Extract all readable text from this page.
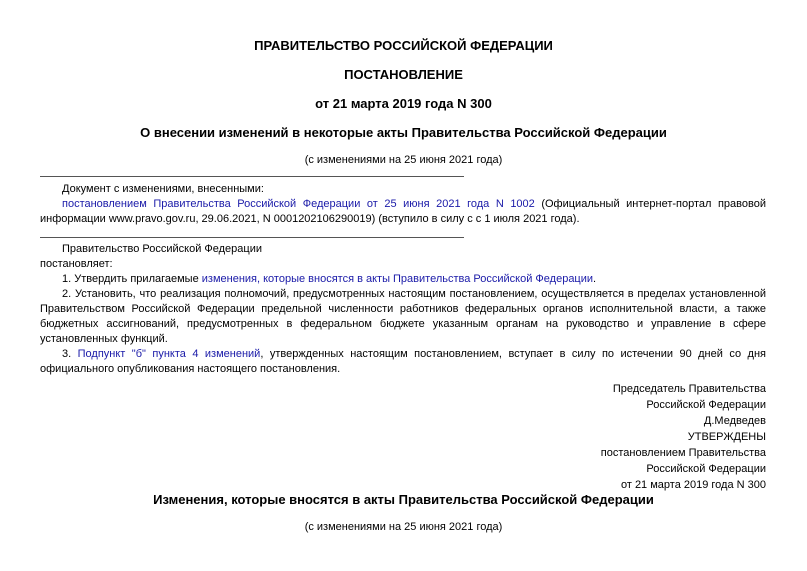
ПРАВИТЕЛЬСТВО РОССИЙСКОЙ ФЕДЕРАЦИИ
ПОСТАНОВЛЕНИЕ
от 21 марта 2019 года N 300
О внесении изменений в некоторые акты Правительства Российской Федерации
(с изменениями на 25 июня 2021 года)
Документ с изменениями, внесенными:
постановлением Правительства Российской Федерации от 25 июня 2021 года N 1002 (Официальный интернет-портал правовой информации www.pravo.gov.ru, 29.06.2021, N 0001202106290019) (вступило в силу с с 1 июля 2021 года).
Правительство Российской Федерации
постановляет:
1. Утвердить прилагаемые изменения, которые вносятся в акты Правительства Российской Федерации.
2. Установить, что реализация полномочий, предусмотренных настоящим постановлением, осуществляется в пределах установленной Правительством Российской Федерации предельной численности работников федеральных органов исполнительной власти, а также бюджетных ассигнований, предусмотренных в федеральном бюджете указанным органам на руководство и управление в сфере установленных функций.
3. Подпункт "б" пункта 4 изменений, утвержденных настоящим постановлением, вступает в силу по истечении 90 дней со дня официального опубликования настоящего постановления.
Председатель Правительства
Российской Федерации
Д.Медведев
УТВЕРЖДЕНЫ
постановлением Правительства
Российской Федерации
от 21 марта 2019 года N 300
Изменения, которые вносятся в акты Правительства Российской Федерации
(с изменениями на 25 июня 2021 года)
